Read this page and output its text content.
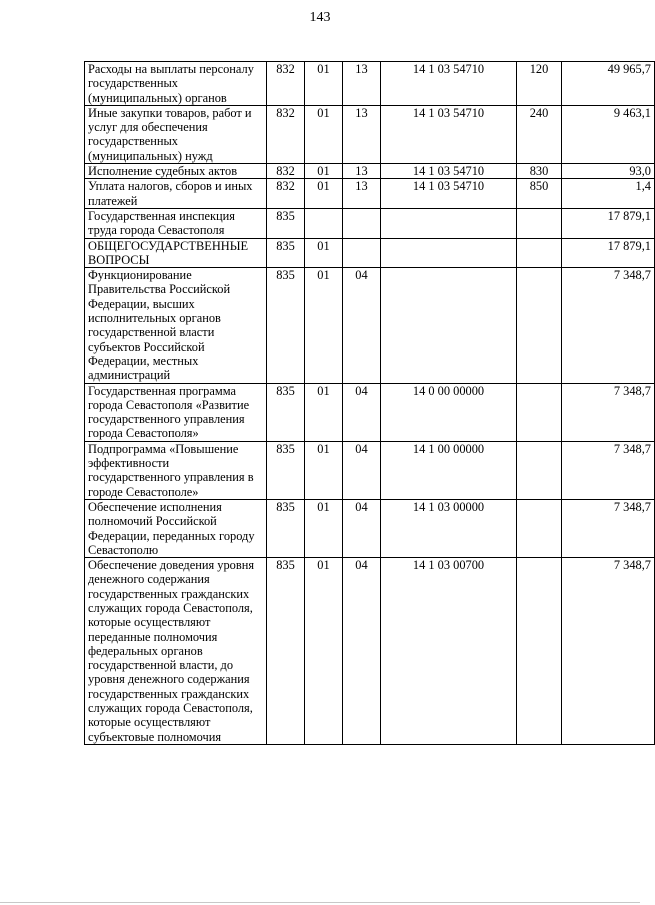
143
Расходы на выплаты персоналу государственных (муниципальных) органов	832	01	13	14 1 03 54710	120	49 965,7
Иные закупки товаров, работ и услуг для обеспечения государственных (муниципальных) нужд	832	01	13	14 1 03 54710	240	9 463,1
Исполнение судебных актов	832	01	13	14 1 03 54710	830	93,0
Уплата налогов, сборов и иных платежей	832	01	13	14 1 03 54710	850	1,4
Государственная инспекция труда города Севастополя	835					17 879,1
ОБЩЕГОСУДАРСТВЕННЫЕ ВОПРОСЫ	835	01				17 879,1
Функционирование Правительства Российской Федерации, высших исполнительных органов государственной власти субъектов Российской Федерации, местных администраций	835	01	04			7 348,7
Государственная программа города Севастополя «Развитие государственного управления города Севастополя»	835	01	04	14 0 00 00000		7 348,7
Подпрограмма «Повышение эффективности государственного управления в городе Севастополе»	835	01	04	14 1 00 00000		7 348,7
Обеспечение исполнения полномочий Российской Федерации, переданных городу Севастополю	835	01	04	14 1 03 00000		7 348,7
Обеспечение доведения уровня денежного содержания государственных гражданских служащих города Севастополя, которые осуществляют переданные полномочия федеральных органов государственной власти, до уровня денежного содержания государственных гражданских служащих города Севастополя, которые осуществляют субъектовые полномочия	835	01	04	14 1 03 00700		7 348,7
